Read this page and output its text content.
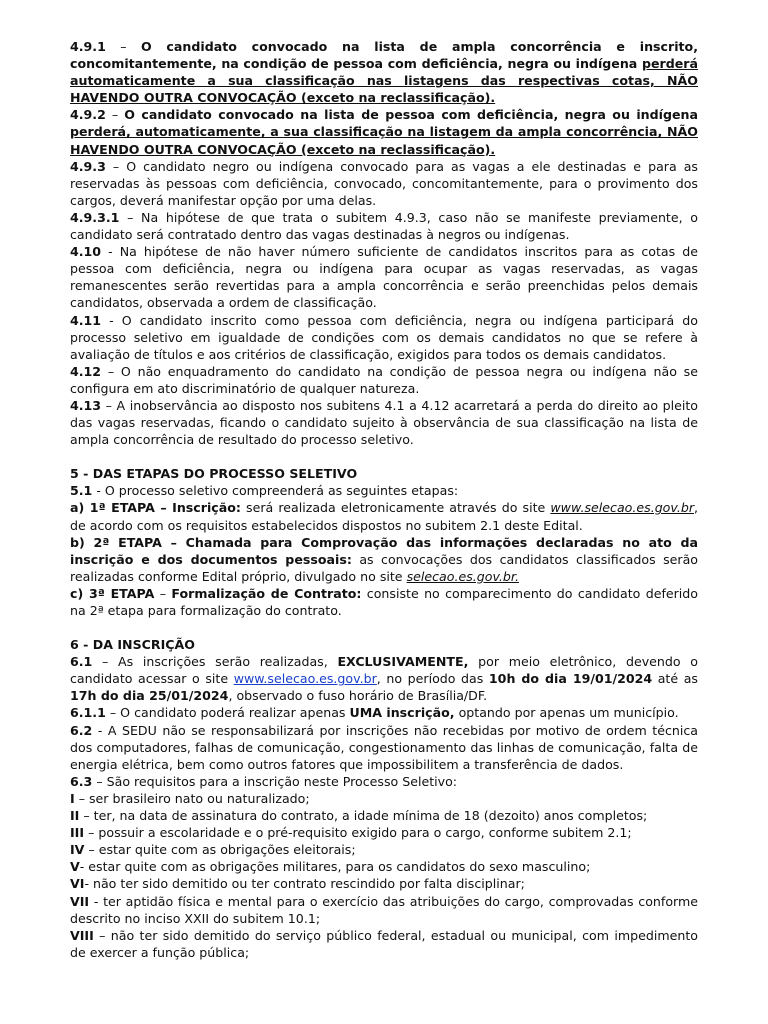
4.9.1 – O candidato convocado na lista de ampla concorrência e inscrito, concomitantemente, na condição de pessoa com deficiência, negra ou indígena perderá automaticamente a sua classificação nas listagens das respectivas cotas, NÃO HAVENDO OUTRA CONVOCAÇÃO (exceto na reclassificação).

4.9.2 – O candidato convocado na lista de pessoa com deficiência, negra ou indígena perderá, automaticamente, a sua classificação na listagem da ampla concorrência, NÃO HAVENDO OUTRA CONVOCAÇÃO (exceto na reclassificação).

4.9.3 – O candidato negro ou indígena convocado para as vagas a ele destinadas e para as reservadas às pessoas com deficiência, convocado, concomitantemente, para o provimento dos cargos, deverá manifestar opção por uma delas.

4.9.3.1 – Na hipótese de que trata o subitem 4.9.3, caso não se manifeste previamente, o candidato será contratado dentro das vagas destinadas à negros ou indígenas.

4.10 - Na hipótese de não haver número suficiente de candidatos inscritos para as cotas de pessoa com deficiência, negra ou indígena para ocupar as vagas reservadas, as vagas remanescentes serão revertidas para a ampla concorrência e serão preenchidas pelos demais candidatos, observada a ordem de classificação.

4.11 - O candidato inscrito como pessoa com deficiência, negra ou indígena participará do processo seletivo em igualdade de condições com os demais candidatos no que se refere à avaliação de títulos e aos critérios de classificação, exigidos para todos os demais candidatos.

4.12 – O não enquadramento do candidato na condição de pessoa negra ou indígena não se configura em ato discriminatório de qualquer natureza.

4.13 – A inobservância ao disposto nos subitens 4.1 a 4.12 acarretará a perda do direito ao pleito das vagas reservadas, ficando o candidato sujeito à observância de sua classificação na lista de ampla concorrência de resultado do processo seletivo.

5 - DAS ETAPAS DO PROCESSO SELETIVO

5.1 - O processo seletivo compreenderá as seguintes etapas:

a) 1ª ETAPA – Inscrição: será realizada eletronicamente através do site www.selecao.es.gov.br, de acordo com os requisitos estabelecidos dispostos no subitem 2.1 deste Edital.

b) 2ª ETAPA – Chamada para Comprovação das informações declaradas no ato da inscrição e dos documentos pessoais: as convocações dos candidatos classificados serão realizadas conforme Edital próprio, divulgado no site selecao.es.gov.br.

c) 3ª ETAPA – Formalização de Contrato: consiste no comparecimento do candidato deferido na 2ª etapa para formalização do contrato.

6 - DA INSCRIÇÃO

6.1 – As inscrições serão realizadas, EXCLUSIVAMENTE, por meio eletrônico, devendo o candidato acessar o site www.selecao.es.gov.br, no período das 10h do dia 19/01/2024 até as 17h do dia 25/01/2024, observado o fuso horário de Brasília/DF.

6.1.1 – O candidato poderá realizar apenas UMA inscrição, optando por apenas um município.

6.2 - A SEDU não se responsabilizará por inscrições não recebidas por motivo de ordem técnica dos computadores, falhas de comunicação, congestionamento das linhas de comunicação, falta de energia elétrica, bem como outros fatores que impossibilitem a transferência de dados.

6.3 – São requisitos para a inscrição neste Processo Seletivo:

I – ser brasileiro nato ou naturalizado;

II – ter, na data de assinatura do contrato, a idade mínima de 18 (dezoito) anos completos;

III – possuir a escolaridade e o pré-requisito exigido para o cargo, conforme subitem 2.1;

IV – estar quite com as obrigações eleitorais;

V- estar quite com as obrigações militares, para os candidatos do sexo masculino;

VI- não ter sido demitido ou ter contrato rescindido por falta disciplinar;

VII - ter aptidão física e mental para o exercício das atribuições do cargo, comprovadas conforme descrito no inciso XXII do subitem 10.1;

VIII – não ter sido demitido do serviço público federal, estadual ou municipal, com impedimento de exercer a função pública;
